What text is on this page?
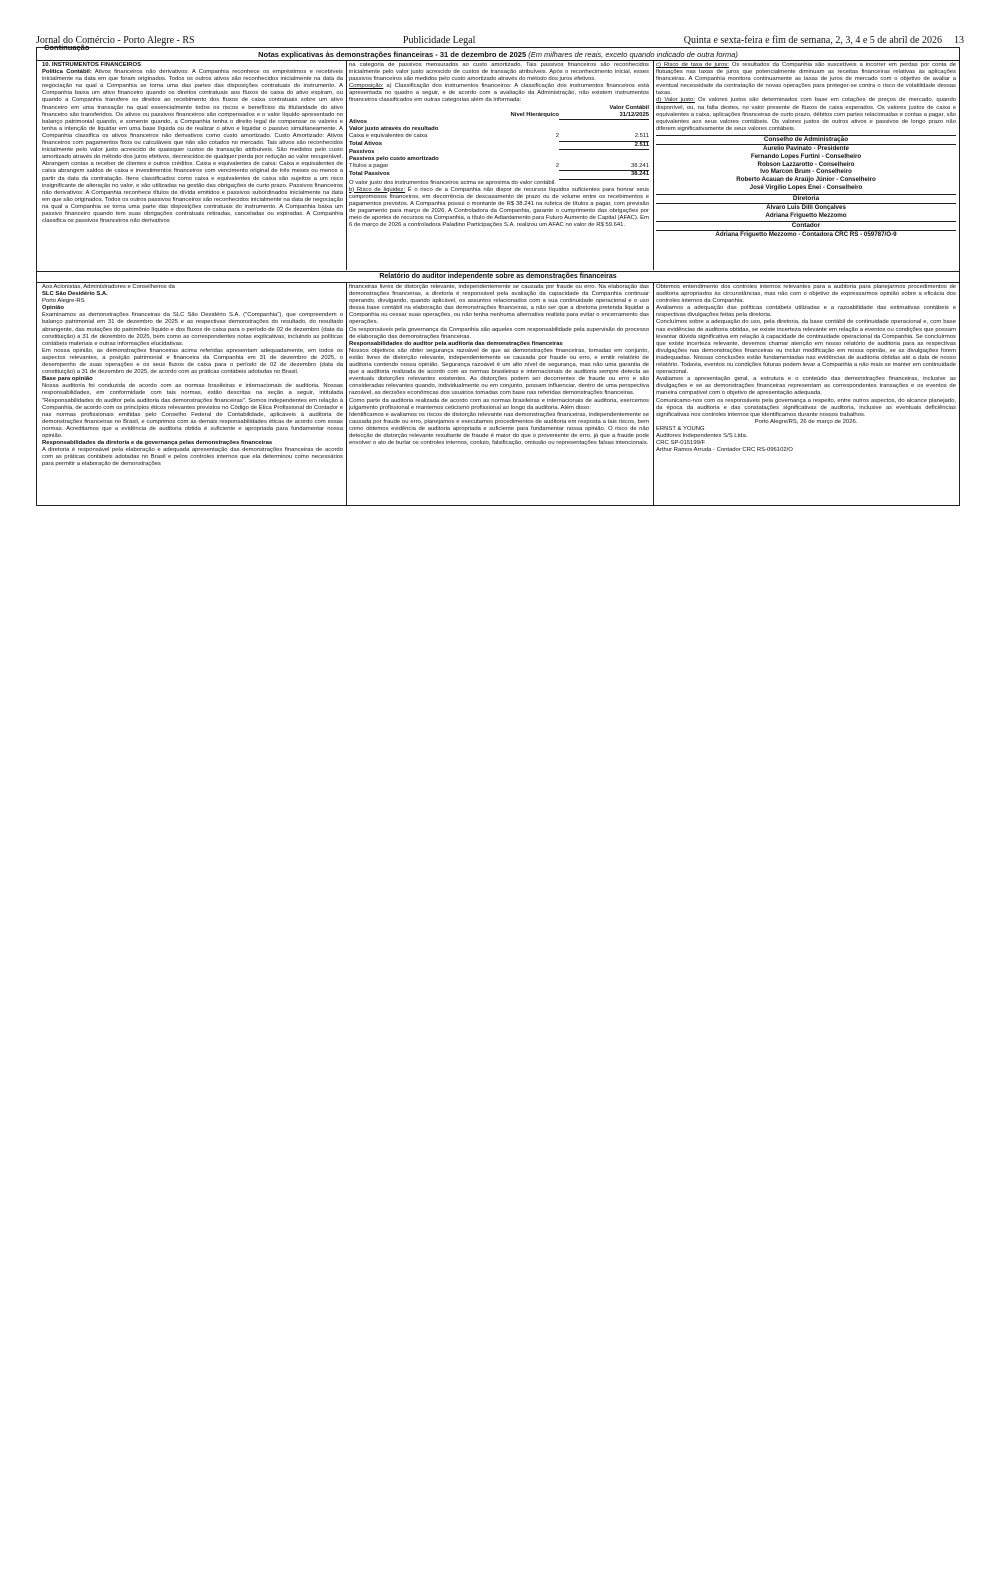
Jornal do Comércio - Porto Alegre - RS	Publicidade Legal	Quinta e sexta-feira e fim de semana, 2, 3, 4 e 5 de abril de 2026 13
Continuação
Notas explicativas às demonstrações financeiras - 31 de dezembro de 2025 (Em milhares de reais, exceto quando indicado de outra forma)

10. INSTRUMENTOS FINANCEIROS

Política Contábil: Ativos financeiros não derivativos: A Companhia reconhece os empréstimos e recebíveis inicialmente na data em que foram originados. Todos os outros ativos são reconhecidos inicialmente na data da negociação na qual a Companhia se torna uma das partes das disposições contratuais do instrumento. A Companhia baixa um ativo financeiro quando os direitos contratuais aos fluxos de caixa do ativo expiram, ou quando a Companhia transfere os direitos ao recebimento dos fluxos de caixa contratuais sobre um ativo financeiro em uma transação na qual essencialmente todos os riscos e benefícios da titularidade do ativo financeiro são transferidos. Os ativos ou passivos financeiros são compensados e o valor líquido apresentado no balanço patrimonial quando, e somente quando, a Companhia tenha o direito legal de compensar os valores e tenha a intenção de liquidar em uma base líquida ou de realizar o ativo e liquidar o passivo simultaneamente. A Companhia classifica os ativos financeiros não derivativos como custo amortizado. Custo Amortizado: Ativos financeiros com pagamentos fixos ou calculáveis que não são cotados no mercado. Tais ativos são reconhecidos inicialmente pelo valor justo acrescido de quaisquer custos de transação atribuíveis. São medidos pelo custo amortizado através do método dos juros efetivos, decrescidos de qualquer perda por redução ao valor recuperável. Abrangem contas a receber de clientes e outros créditos. Caixa e equivalentes de caixa: Caixa e equivalentes de caixa abrangem saldos de caixa e investimentos financeiros com vencimento original de três meses ou menos a partir da data da contratação. Itens classificados como caixa e equivalentes de caixa são sujeitos a um risco insignificante de alteração no valor, e são utilizadas na gestão das obrigações de curto prazo. Passivos financeiros não derivativos: A Companhia reconhece títulos de dívida emitidos e passivos subordinados inicialmente na data em que são originados. Todos os outros passivos financeiros são reconhecidos inicialmente na data de negociação na qual a Companhia se torna uma parte das disposições contratuais do instrumento. A Companhia baixa um passivo financeiro quando tem suas obrigações contratuais retiradas, canceladas ou expiradas. A Companhia classifica os passivos financeiros não derivativos

na categoria de passivos mensurados ao custo amortizado. Tais passivos financeiros são reconhecidos inicialmente pelo valor justo acrescido de custos de transação atribuíveis. Após o reconhecimento inicial, esses passivos financeiros são medidos pelo custo amortizado através do método dos juros efetivos.

Composição: a) Classificação dos instrumentos financeiros: A classificação dos instrumentos financeiros está apresentada no quadro a seguir, e de acordo com a avaliação da Administração, não existem instrumentos financeiros classificados em outras categorias além da informada:

		Valor Contábil
	Nível Hierárquico	31/12/2025
Ativos		
Valor justo através do resultado		
Caixa e equivalentes de caixa	2	2.511
Total Ativos		2.511
Passivos		
Passivos pelo custo amortizado		
Títulos a pagar	2	38.241
Total Passivos		38.241

O valor justo dos instrumentos financeiros acima se aproxima do valor contábil.

b) Risco de liquidez: É o risco de a Companhia não dispor de recursos líquidos suficientes para honrar seus compromissos financeiros, em decorrência de descasamento de prazo ou de volume entre os recebimentos e pagamentos previstos. A Companhia possui o montante de R$ 38.241 na rubrica de títulos a pagar, com previsão de pagamento para março de 2026. A Controladora da Companhia, garante o cumprimento das obrigações por meio de aportes de recursos na Companhia, a título de Adiantamento para Futuro Aumento de Capital (AFAC). Em 6 de março de 2026 a controladora Paladino Participações S.A. realizou um AFAC no valor de R$ 59.641.

c) Risco de taxa de juros: Os resultados da Companhia são suscetíveis a incorrer em perdas por conta de flutuações nas taxas de juros que potencialmente diminuam as receitas financeiras relativas às aplicações financeiras. A Companhia monitora continuamente as taxas de juros de mercado com o objetivo de avaliar a eventual necessidade da contratação de novas operações para proteger-se contra o risco de volatilidade dessas taxas.

d) Valor justo: Os valores justos são determinados com base em cotações de preços de mercado, quando disponível, ou, na falta destes, no valor presente de fluxos de caixa esperados. Os valores justos de caixa e equivalentes a caixa, aplicações financeiras de curto prazo, débitos com partes relacionadas e contas a pagar, são equivalentes aos seus valores contábeis. Os valores justos de outros ativos e passivos de longo prazo não diferem significativamente de seus valores contábeis.

Conselho de Administração
Aurelio Pavinato - Presidente
Fernando Lopes Furtini - Conselheiro
Robson Lazzarotto - Conselheiro
Ivo Marcon Brum - Conselheiro
Roberto Acauan de Araújo Júnior - Conselheiro
José Virgílio Lopes Enei - Conselheiro
Diretoria
Álvaro Luis Dilli Gonçalves
Adriana Friguetto Mezzomo
Contador
Adriana Friguetto Mezzomo - Contadora CRC RS - 059787/O-9
Relatório do auditor independente sobre as demonstrações financeiras

Aos Acionistas, Administradores e Conselheiros da

SLC São Desidério S.A.

Porto Alegre-RS

Opinião

Examinamos as demonstrações financeiras da SLC São Desidério S.A. ("Companhia"), que compreendem o balanço patrimonial em 31 de dezembro de 2025 e as respectivas demonstrações do resultado, do resultado abrangente, das mutações do patrimônio líquido e dos fluxos de caixa para o período de 02 de dezembro (data da constituição) a 31 de dezembro de 2025, bem como as correspondentes notas explicativas, incluindo as políticas contábeis materiais e outras informações elucidativas.

Em nossa opinião, as demonstrações financeiras acima referidas apresentam adequadamente, em todos os aspectos relevantes, a posição patrimonial e financeira da Companhia em 31 de dezembro de 2025, o desempenho de suas operações e os seus fluxos de caixa para o período de 02 de dezembro (data da constituição) a 31 de dezembro de 2025, de acordo com as práticas contábeis adotadas no Brasil.

Base para opinião

Nossa auditoria foi conduzida de acordo com as normas brasileiras e internacionais de auditoria. Nossas responsabilidades, em conformidade com tais normas, estão descritas na seção a seguir, intitulada "Responsabilidades do auditor pela auditoria das demonstrações financeiras". Somos independentes em relação à Companhia, de acordo com os princípios éticos relevantes previstos no Código de Ética Profissional do Contador e nas normas profissionais emitidas pelo Conselho Federal de Contabilidade, aplicáveis à auditoria de demonstrações financeiras no Brasil, e cumprimos com as demais responsabilidades éticas de acordo com essas normas. Acreditamos que a evidência de auditoria obtida é suficiente e apropriada para fundamentar nossa opinião.

Responsabilidades da diretoria e da governança pelas demonstrações financeiras

A diretoria é responsável pela elaboração e adequada apresentação das demonstrações financeiras de acordo com as práticas contábeis adotadas no Brasil e pelos controles internos que ela determinou como necessários para permitir a elaboração de demonstrações

financeiras livres de distorção relevante, independentemente se causada por fraude ou erro. Na elaboração das demonstrações financeiras, a diretoria é responsável pela avaliação da capacidade da Companhia continuar operando, divulgando, quando aplicável, os assuntos relacionados com a sua continuidade operacional e o uso dessa base contábil na elaboração das demonstrações financeiras, a não ser que a diretoria pretenda liquidar a Companhia ou cessar suas operações, ou não tenha nenhuma alternativa realista para evitar o encerramento das operações.

Os responsáveis pela governança da Companhia são aqueles com responsabilidade pela supervisão do processo de elaboração das demonstrações financeiras.

Responsabilidades do auditor pela auditoria das demonstrações financeiras

Nossos objetivos são obter segurança razoável de que as demonstrações financeiras, tomadas em conjunto, estão livres de distorção relevante, independentemente se causada por fraude ou erro, e emitir relatório de auditoria contendo nossa opinião. Segurança razoável é um alto nível de segurança, mas não uma garantia de que a auditoria realizada de acordo com as normas brasileiras e internacionais de auditoria sempre detecta as eventuais distorções relevantes existentes. As distorções podem ser decorrentes de fraude ou erro e são consideradas relevantes quando, individualmente ou em conjunto, possam influenciar, dentro de uma perspectiva razoável, as decisões econômicas dos usuários tomadas com base nas referidas demonstrações financeiras.

Como parte da auditoria realizada de acordo com as normas brasileiras e internacionais de auditoria, exercemos julgamento profissional e mantemos ceticismo profissional ao longo da auditoria. Além disso:

Identificamos e avaliamos os riscos de distorção relevante nas demonstrações financeiras, independentemente se causada por fraude ou erro, planejamos e executamos procedimentos de auditoria em resposta a tais riscos, bem como obtemos evidência de auditoria apropriada e suficiente para fundamentar nossa opinião. O risco de não detecção de distorção relevante resultante de fraude é maior do que o proveniente de erro, já que a fraude pode envolver o ato de burlar os controles internos, conluio, falsificação, omissão ou representações falsas intencionais.

Obtemos entendimento dos controles internos relevantes para a auditoria para planejarmos procedimentos de auditoria apropriados às circunstâncias, mas não com o objetivo de expressarmos opinião sobre a eficácia dos controles internos da Companhia.

Avaliamos a adequação das políticas contábeis utilizadas e a razoabilidade das estimativas contábeis e respectivas divulgações feitas pela diretoria.

Concluímos sobre a adequação do uso, pela diretoria, da base contábil de continuidade operacional e, com base nas evidências de auditoria obtidas, se existe incerteza relevante em relação a eventos ou condições que possam levantar dúvida significativa em relação à capacidade de continuidade operacional da Companhia. Se concluirmos que existe incerteza relevante, devemos chamar atenção em nosso relatório de auditoria para as respectivas divulgações nas demonstrações financeiras ou incluir modificação em nossa opinião, se as divulgações forem inadequadas. Nossas conclusões estão fundamentadas nas evidências de auditoria obtidas até a data de nosso relatório. Todavia, eventos ou condições futuras podem levar a Companhia a não mais se manter em continuidade operacional.

Avaliamos a apresentação geral, a estrutura e o conteúdo das demonstrações financeiras, inclusive as divulgações e se as demonstrações financeiras representam as correspondentes transações e os eventos de maneira compatível com o objetivo de apresentação adequada.

Comunicamo-nos com os responsáveis pela governança a respeito, entre outros aspectos, do alcance planejado, da época da auditoria e das constatações significativas de auditoria, inclusive as eventuais deficiências significativas nos controles internos que identificamos durante nossos trabalhos.

Porto Alegre/RS, 26 de março de 2026.

ERNST & YOUNG

Auditores Independentes S/S Ltda.

CRC SP-015199/F

Arthur Ramos Arruda - Contador CRC RS-096102/O
